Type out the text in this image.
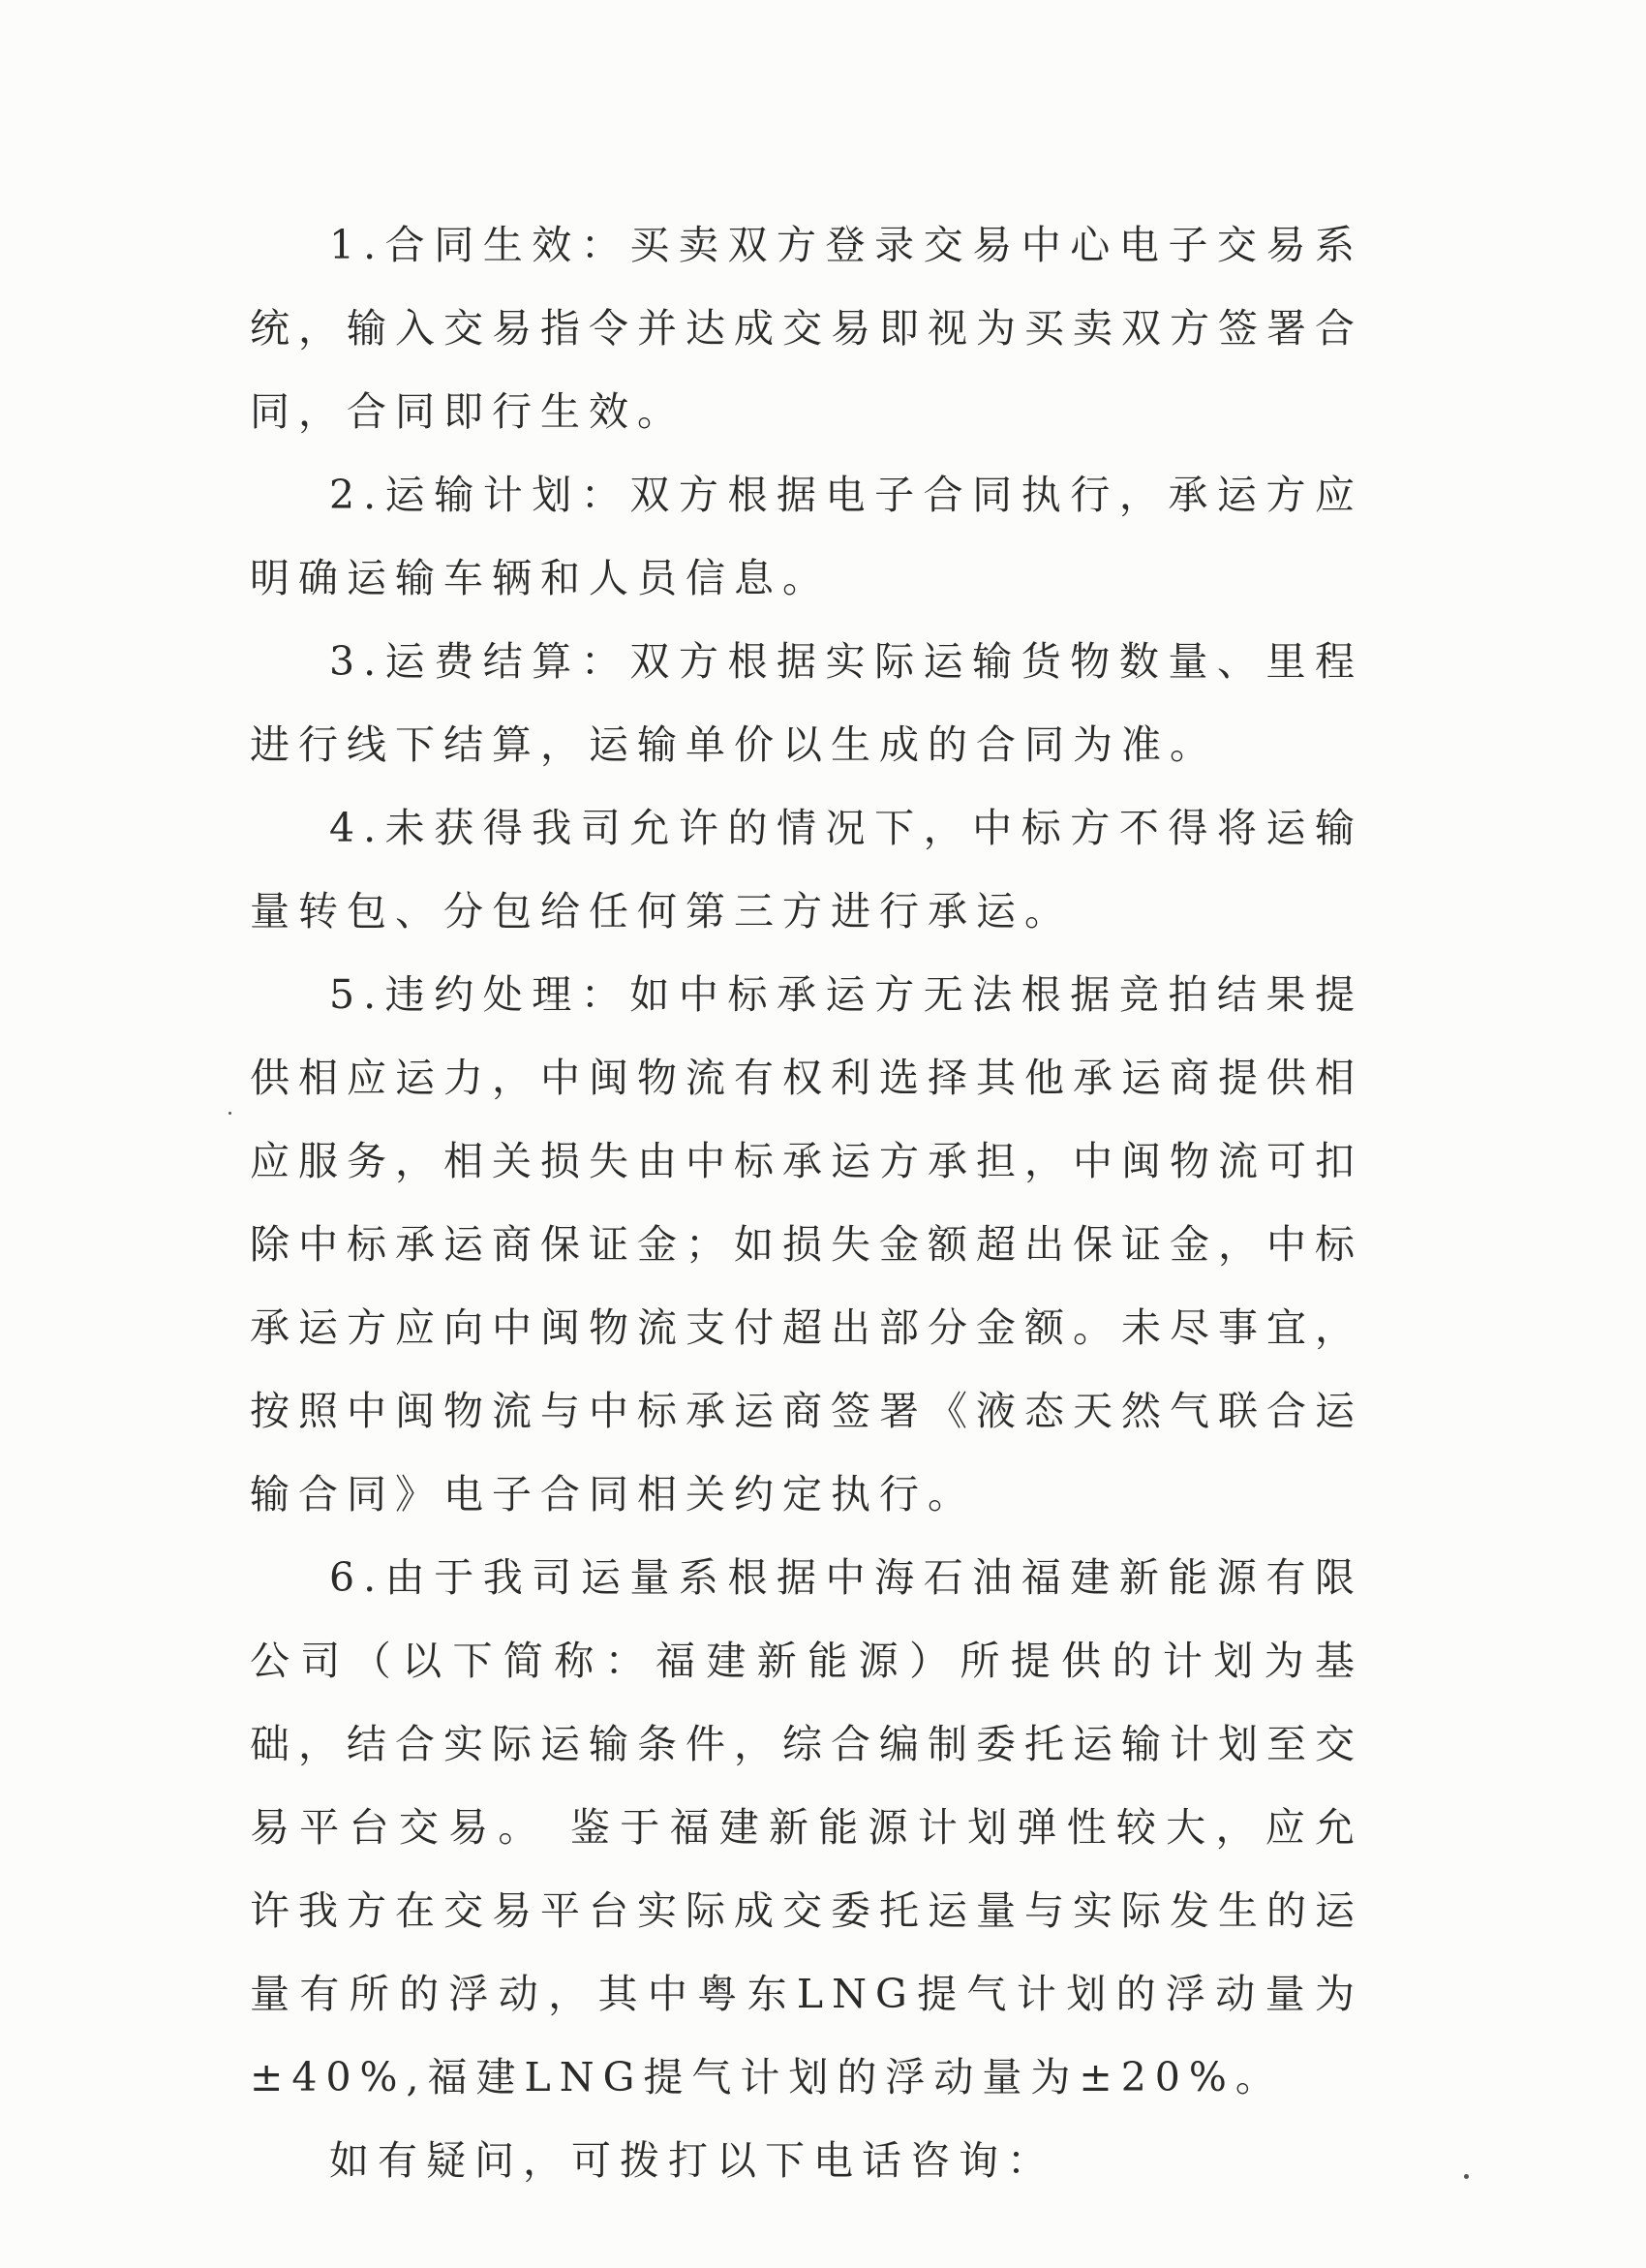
1.合同生效：买卖双方登录交易中心电子交易系统，输入交易指令并达成交易即视为买卖双方签署合同，合同即行生效。

2.运输计划：双方根据电子合同执行，承运方应明确运输车辆和人员信息。

3.运费结算：双方根据实际运输货物数量、里程进行线下结算，运输单价以生成的合同为准。

4.未获得我司允许的情况下，中标方不得将运输量转包、分包给任何第三方进行承运。

5.违约处理：如中标承运方无法根据竞拍结果提供相应运力，中闽物流有权利选择其他承运商提供相应服务，相关损失由中标承运方承担，中闽物流可扣除中标承运商保证金；如损失金额超出保证金，中标承运方应向中闽物流支付超出部分金额。未尽事宜，按照中闽物流与中标承运商签署《液态天然气联合运输合同》电子合同相关约定执行。

6.由于我司运量系根据中海石油福建新能源有限公司（以下简称：福建新能源）所提供的计划为基础，结合实际运输条件，综合编制委托运输计划至交易平台交易。 鉴于福建新能源计划弹性较大，应允许我方在交易平台实际成交委托运量与实际发生的运量有所的浮动，其中粤东LNG提气计划的浮动量为±40%,福建LNG提气计划的浮动量为±20%。

如有疑问，可拨打以下电话咨询：
